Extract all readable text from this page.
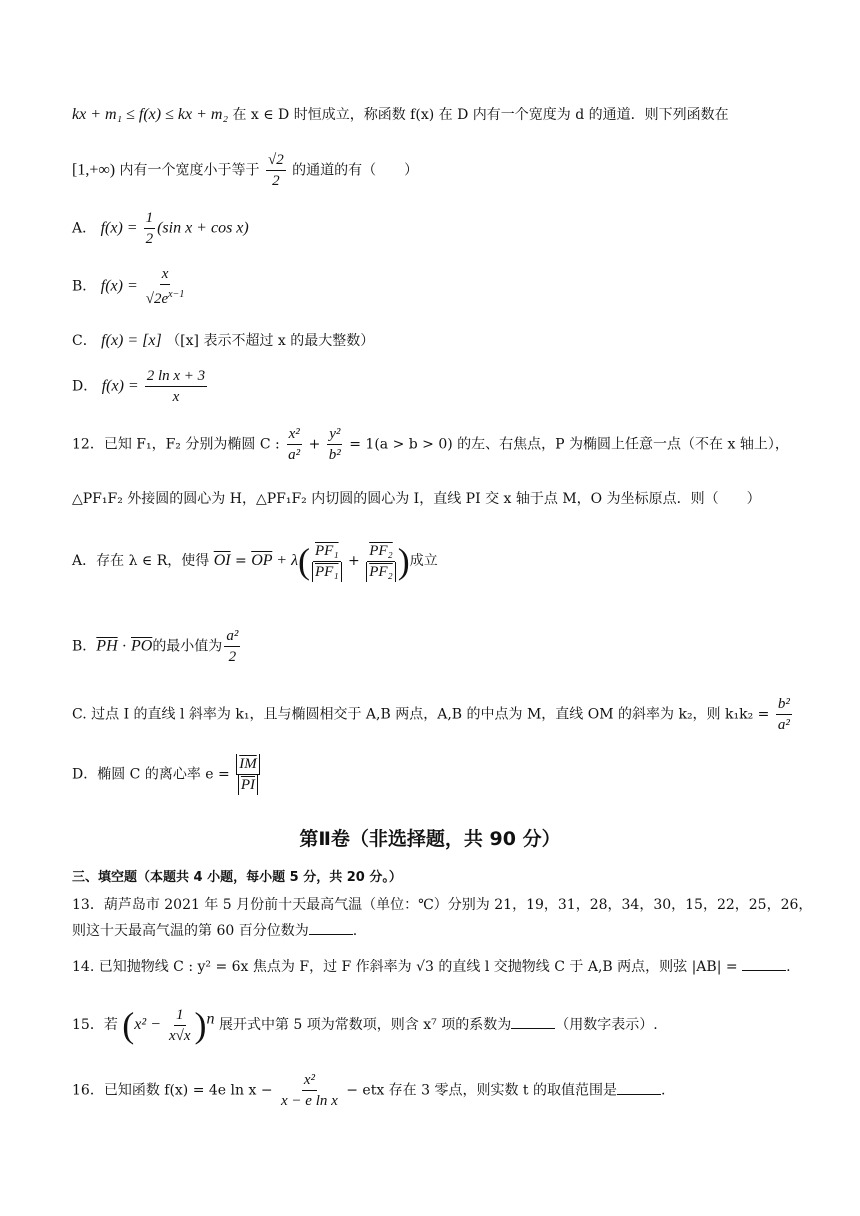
kx + m₁ ≤ f(x) ≤ kx + m₂ 在 x ∈ D 时恒成立，称函数 f(x) 在 D 内有一个宽度为 d 的通道．则下列函数在
[1,+∞) 内有一个宽度小于等于 $\frac{√2}{2}$ 的通道的有（　　）
A． $f(x) = \frac{1}{2} (\sin$ x + cos x)
B． $f(x) = \frac{x}{√2e^{x-1}}$
C． f(x) = [x] （[x] 表示不超过 x 的最大整数）
D． $f(x) = \frac{\text{2 ln x + 3}}{x}$
12．已知 F₁，F₂ 分别为椭圆 C : $\frac{\text{x²}}{\text{a²}} + \frac{\text{y²}}{\text{b²}} = 1(a > b > 0)$ 的左、右焦点，P 为椭圆上任意一点（不在 x 轴上），
△PF₁F₂ 外接圆的圆心为 H，△PF₁F₂ 内切圆的圆心为 I，直线 PI 交 x 轴于点 M，O 为坐标原点．则（　　）
A．存在 λ ∈ R，使得 $\overline{OI} = \overline{OP} + \lambda( \frac{\text{PF₁}}{\text{PF₁}} + \frac{\text{PF₂}}{\text{PF₂}}$ )成立
B．$\overline{PH} \cdot \overline{PO}$的最小值为 $\frac{\text{a²}}{2}$
C. 过点 I 的直线 l 斜率为 k₁，且与椭圆相交于 A,B 两点，A,B 的中点为 M，直线 OM 的斜率为 k₂，则 $k_1k_2 = \frac{\text{b²}}{\text{a²}}$
D．椭圆 C 的离心率 $e = \frac{\overline{IM}}{PI}$
第Ⅱ卷（非选择题，共 90 分）
三、填空题（本题共 4 小题，每小题 5 分，共 20 分。）
13．葫芦岛市 2021 年 5 月份前十天最高气温（单位：℃）分别为 21，19，31，28，34，30，15，22，25，26，
则这十天最高气温的第 60 百分位数为	.
14. 已知抛物线 C : y² = 6x 焦点为 F，过 F 作斜率为 √3 的直线 l 交抛物线 C 于 A,B 两点，则弦 |AB| =	.
15．若 $(x^2 - \frac{1}{x√x} )^n$ 展开式中第 5 项为常数项，则含 x⁷ 项的系数为	（用数字表示）.
16．已知函数 f(x) = 4e $\ln x - \frac{\text{x²}}{\text{x − e ln x}}$ − etx 存在 3 零点，则实数 t 的取值范围是	.
